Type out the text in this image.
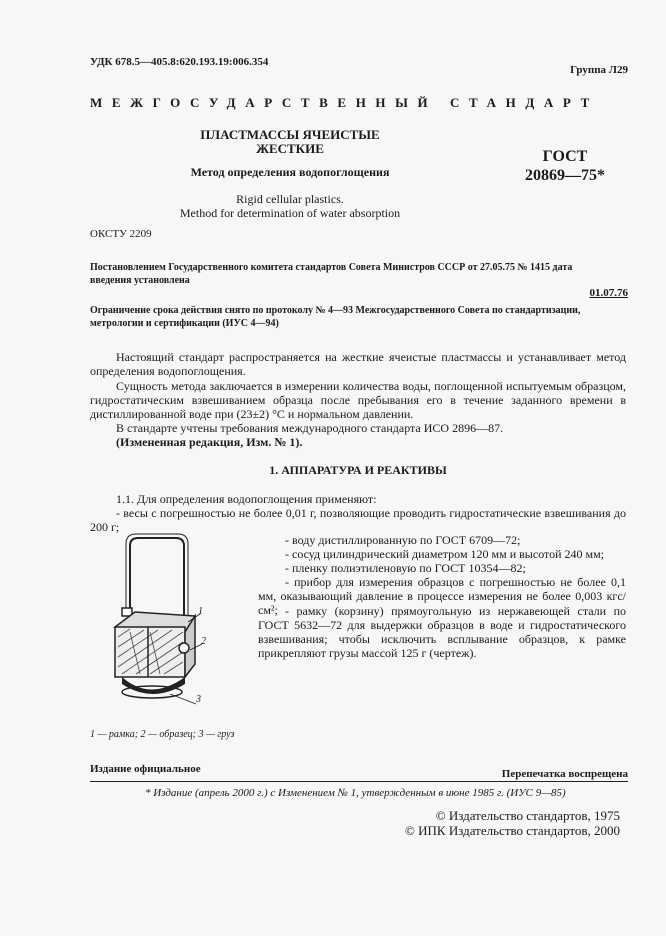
УДК 678.5—405.8:620.193.19:006.354
Группа Л29
МЕЖГОСУДАРСТВЕННЫЙ СТАНДАРТ
ПЛАСТМАССЫ ЯЧЕИСТЫЕ
ЖЕСТКИЕ
Метод определения водопоглощения
Rigid cellular plastics.
Method for determination of water absorption
ГОСТ
20869—75*
ОКСТУ 2209
Постановлением Государственного комитета стандартов Совета Министров СССР от 27.05.75 № 1415 дата
введения установлена
01.07.76
Ограничение срока действия снято по протоколу № 4—93 Межгосударственного Совета по стандартизации,
метрологии и сертификации (ИУС 4—94)
Настоящий стандарт распространяется на жесткие ячеистые пластмассы и устанавливает метод определения водопоглощения.
Сущность метода заключается в измерении количества воды, поглощенной испытуемым образцом, гидростатическим взвешиванием образца после пребывания его в течение заданного времени в дистиллированной воде при (23±2) °С и нормальном давлении.
В стандарте учтены требования международного стандарта ИСО 2896—87.
(Измененная редакция, Изм. № 1).
1. АППАРАТУРА И РЕАКТИВЫ
1.1. Для определения водопоглощения применяют:
- весы с погрешностью не более 0,01 г, позволяющие проводить гидростатические взвешивания до 200 г;
- воду дистиллированную по ГОСТ 6709—72;
- сосуд цилиндрический диаметром 120 мм и высотой 240 мм;
- пленку полиэтиленовую по ГОСТ 10354—82;
- прибор для измерения образцов с погрешностью не более 0,1 мм, оказывающий давление в процессе измерения не более 0,003 кгс/см²; - рамку (корзину) прямоугольную из нержавеющей стали по ГОСТ 5632—72 для выдержки образцов в воде и гидростатического взвешивания; чтобы исключить всплывание образцов, к рамке прикрепляют грузы массой 125 г (чертеж).
1
2
3
1 — рамка; 2 — образец; 3 — груз
Издание официальное	Перепечатка воспрещена
* Издание (апрель 2000 г.) с Изменением № 1, утвержденным в июне 1985 г. (ИУС 9—85)
© Издательство стандартов, 1975
© ИПК Издательство стандартов, 2000
